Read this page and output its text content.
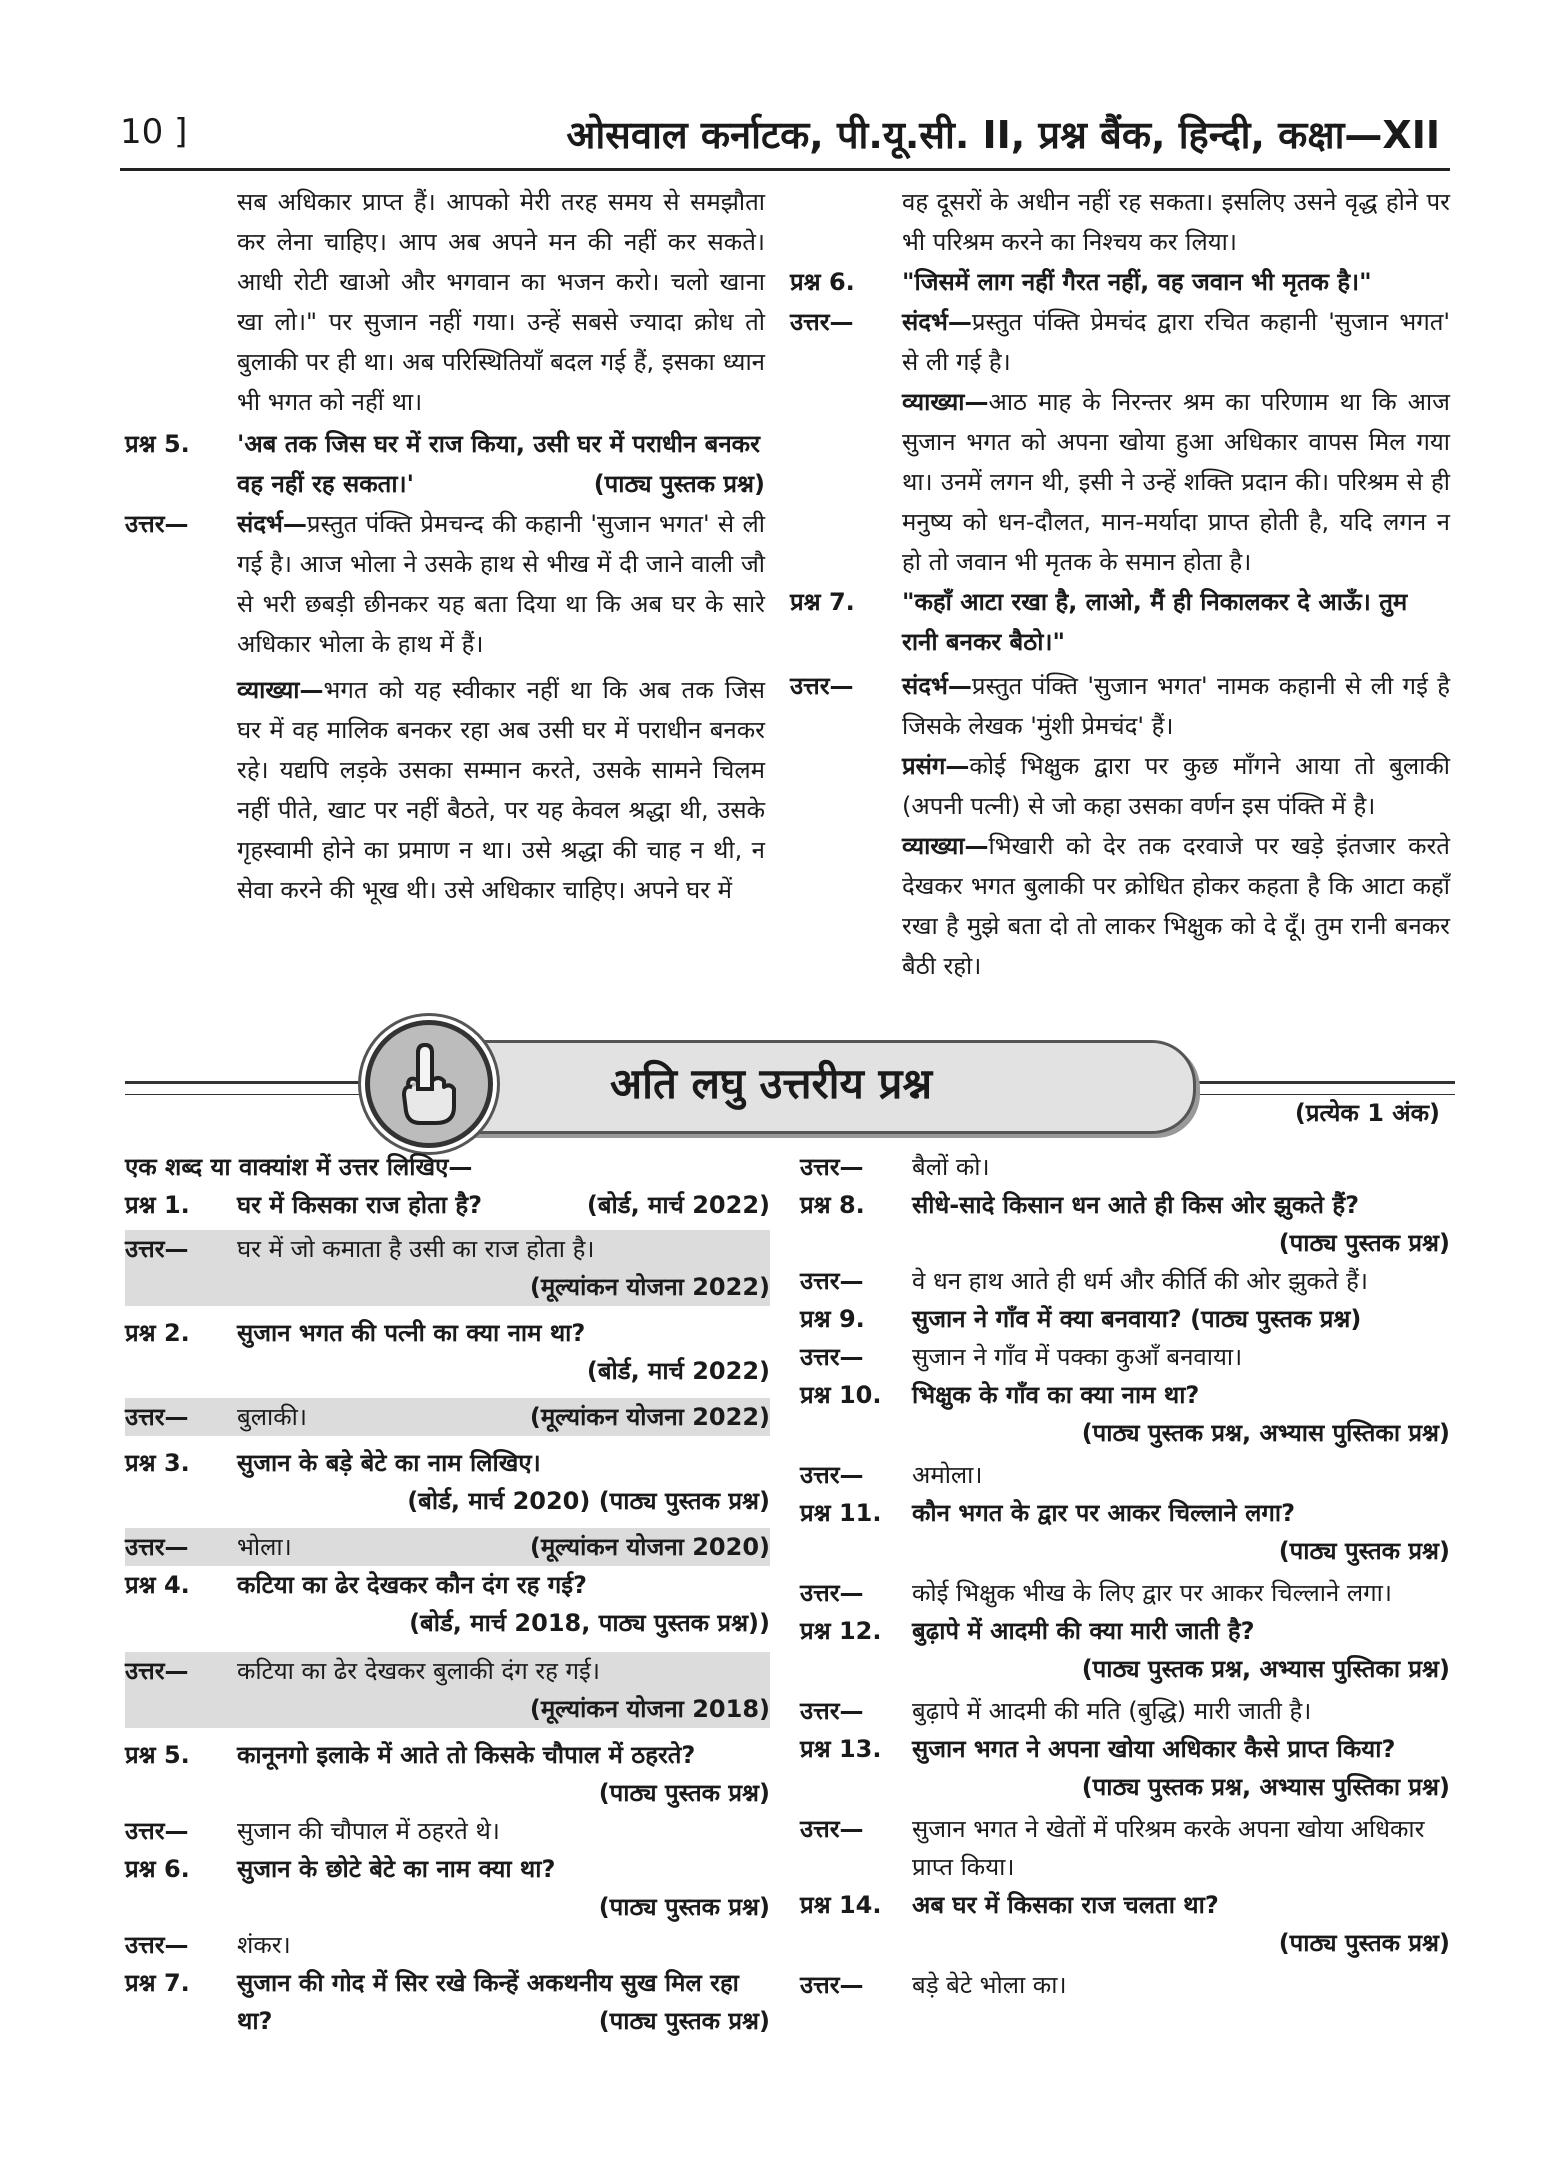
10 ]	ओसवाल कर्नाटक, पी.यू.सी. II, प्रश्न बैंक, हिन्दी, कक्षा—XII

सब अधिकार प्राप्त हैं। आपको मेरी तरह समय से समझौता कर लेना चाहिए। आप अब अपने मन की नहीं कर सकते। आधी रोटी खाओ और भगवान का भजन करो। चलो खाना खा लो।" पर सुजान नहीं गया। उन्हें सबसे ज्यादा क्रोध तो बुलाकी पर ही था। अब परिस्थितियाँ बदल गई हैं, इसका ध्यान भी भगत को नहीं था।

प्रश्न 5. 'अब तक जिस घर में राज किया, उसी घर में पराधीन बनकर वह नहीं रह सकता।'	(पाठ्य पुस्तक प्रश्न)
उत्तर— संदर्भ—प्रस्तुत पंक्ति प्रेमचन्द की कहानी 'सुजान भगत' से ली गई है। आज भोला ने उसके हाथ से भीख में दी जाने वाली जौ से भरी छबड़ी छीनकर यह बता दिया था कि अब घर के सारे अधिकार भोला के हाथ में हैं।

व्याख्या—भगत को यह स्वीकार नहीं था कि अब तक जिस घर में वह मालिक बनकर रहा अब उसी घर में पराधीन बनकर रहे। यद्यपि लड़के उसका सम्मान करते, उसके सामने चिलम नहीं पीते, खाट पर नहीं बैठते, पर यह केवल श्रद्धा थी, उसके गृहस्वामी होने का प्रमाण न था। उसे श्रद्धा की चाह न थी, न सेवा करने की भूख थी। उसे अधिकार चाहिए। अपने घर में

वह दूसरों के अधीन नहीं रह सकता। इसलिए उसने वृद्ध होने पर भी परिश्रम करने का निश्चय कर लिया।

प्रश्न 6. "जिसमें लाग नहीं गैरत नहीं, वह जवान भी मृतक है।"
उत्तर— संदर्भ—प्रस्तुत पंक्ति प्रेमचंद द्वारा रचित कहानी 'सुजान भगत' से ली गई है।

व्याख्या—आठ माह के निरन्तर श्रम का परिणाम था कि आज सुजान भगत को अपना खोया हुआ अधिकार वापस मिल गया था। उनमें लगन थी, इसी ने उन्हें शक्ति प्रदान की। परिश्रम से ही मनुष्य को धन-दौलत, मान-मर्यादा प्राप्त होती है, यदि लगन न हो तो जवान भी मृतक के समान होता है।

प्रश्न 7. "कहाँ आटा रखा है, लाओ, मैं ही निकालकर दे आऊँ। तुम रानी बनकर बैठो।"
उत्तर— संदर्भ—प्रस्तुत पंक्ति 'सुजान भगत' नामक कहानी से ली गई है जिसके लेखक 'मुंशी प्रेमचंद' हैं।

प्रसंग—कोई भिक्षुक द्वारा पर कुछ माँगने आया तो बुलाकी (अपनी पत्नी) से जो कहा उसका वर्णन इस पंक्ति में है।

व्याख्या—भिखारी को देर तक दरवाजे पर खड़े इंतजार करते देखकर भगत बुलाकी पर क्रोधित होकर कहता है कि आटा कहाँ रखा है मुझे बता दो तो लाकर भिक्षुक को दे दूँ। तुम रानी बनकर बैठी रहो।

अति लघु उत्तरीय प्रश्न
(प्रत्येक 1 अंक)

एक शब्द या वाक्यांश में उत्तर लिखिए—

प्रश्न 1. घर में किसका राज होता है?	(बोर्ड, मार्च 2022)
उत्तर— घर में जो कमाता है उसी का राज होता है।
(मूल्यांकन योजना 2022)
प्रश्न 2. सुजान भगत की पत्नी का क्या नाम था?
(बोर्ड, मार्च 2022)
उत्तर— बुलाकी।	(मूल्यांकन योजना 2022)
प्रश्न 3. सुजान के बड़े बेटे का नाम लिखिए।
(बोर्ड, मार्च 2020) (पाठ्य पुस्तक प्रश्न)
उत्तर— भोला।	(मूल्यांकन योजना 2020)
प्रश्न 4. कटिया का ढेर देखकर कौन दंग रह गई?
(बोर्ड, मार्च 2018, पाठ्य पुस्तक प्रश्न))
उत्तर— कटिया का ढेर देखकर बुलाकी दंग रह गई।
(मूल्यांकन योजना 2018)
प्रश्न 5. कानूनगो इलाके में आते तो किसके चौपाल में ठहरते?
(पाठ्य पुस्तक प्रश्न)
उत्तर— सुजान की चौपाल में ठहरते थे।
प्रश्न 6. सुजान के छोटे बेटे का नाम क्या था?
(पाठ्य पुस्तक प्रश्न)
उत्तर— शंकर।
प्रश्न 7. सुजान की गोद में सिर रखे किन्हें अकथनीय सुख मिल रहा था?	(पाठ्य पुस्तक प्रश्न)
उत्तर— बैलों को।
प्रश्न 8. सीधे-सादे किसान धन आते ही किस ओर झुकते हैं?
(पाठ्य पुस्तक प्रश्न)
उत्तर— वे धन हाथ आते ही धर्म और कीर्ति की ओर झुकते हैं।
प्रश्न 9. सुजान ने गाँव में क्या बनवाया? (पाठ्य पुस्तक प्रश्न)
उत्तर— सुजान ने गाँव में पक्का कुआँ बनवाया।
प्रश्न 10. भिक्षुक के गाँव का क्या नाम था?
(पाठ्य पुस्तक प्रश्न, अभ्यास पुस्तिका प्रश्न)
उत्तर— अमोला।
प्रश्न 11. कौन भगत के द्वार पर आकर चिल्लाने लगा?
(पाठ्य पुस्तक प्रश्न)
उत्तर— कोई भिक्षुक भीख के लिए द्वार पर आकर चिल्लाने लगा।
प्रश्न 12. बुढ़ापे में आदमी की क्या मारी जाती है?
(पाठ्य पुस्तक प्रश्न, अभ्यास पुस्तिका प्रश्न)
उत्तर— बुढ़ापे में आदमी की मति (बुद्धि) मारी जाती है।
प्रश्न 13. सुजान भगत ने अपना खोया अधिकार कैसे प्राप्त किया?
(पाठ्य पुस्तक प्रश्न, अभ्यास पुस्तिका प्रश्न)
उत्तर— सुजान भगत ने खेतों में परिश्रम करके अपना खोया अधिकार प्राप्त किया।
प्रश्न 14. अब घर में किसका राज चलता था?
(पाठ्य पुस्तक प्रश्न)
उत्तर— बड़े बेटे भोला का।
